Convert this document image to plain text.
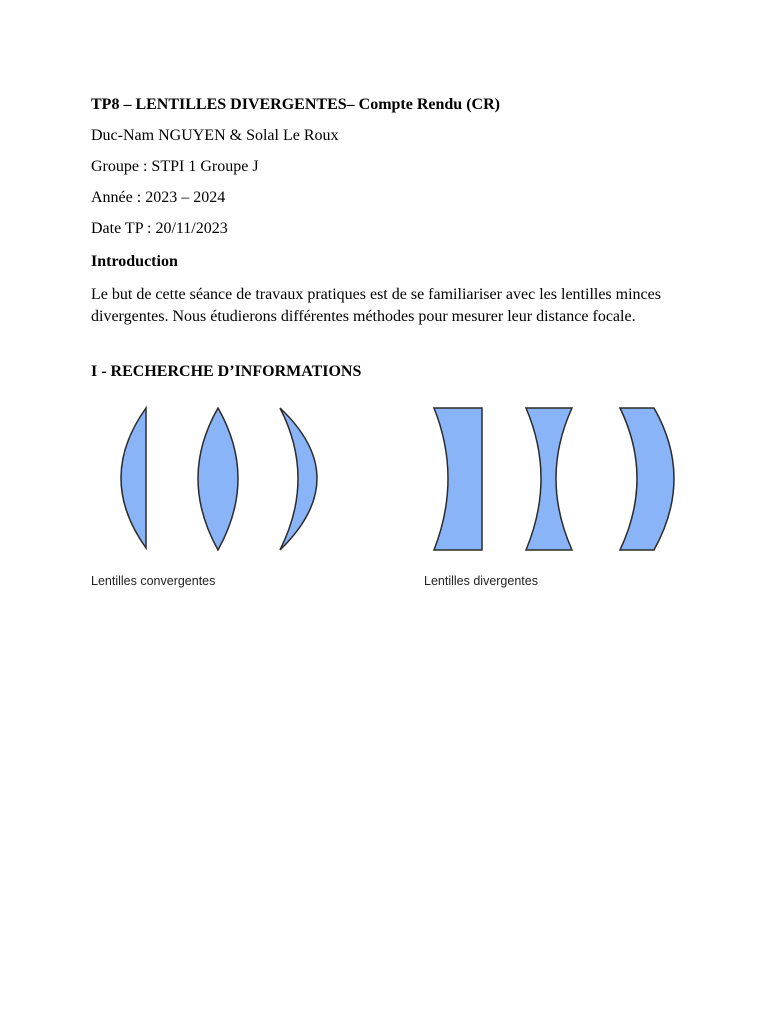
TP8 – LENTILLES DIVERGENTES– Compte Rendu (CR)
Duc-Nam NGUYEN & Solal Le Roux
Groupe : STPI 1 Groupe J
Année : 2023 – 2024
Date TP : 20/11/2023
Introduction
Le but de cette séance de travaux pratiques est de se familiariser avec les lentilles minces divergentes. Nous étudierons différentes méthodes pour mesurer leur distance focale.
I - RECHERCHE D’INFORMATIONS
Lentilles convergentes	Lentilles divergentes
